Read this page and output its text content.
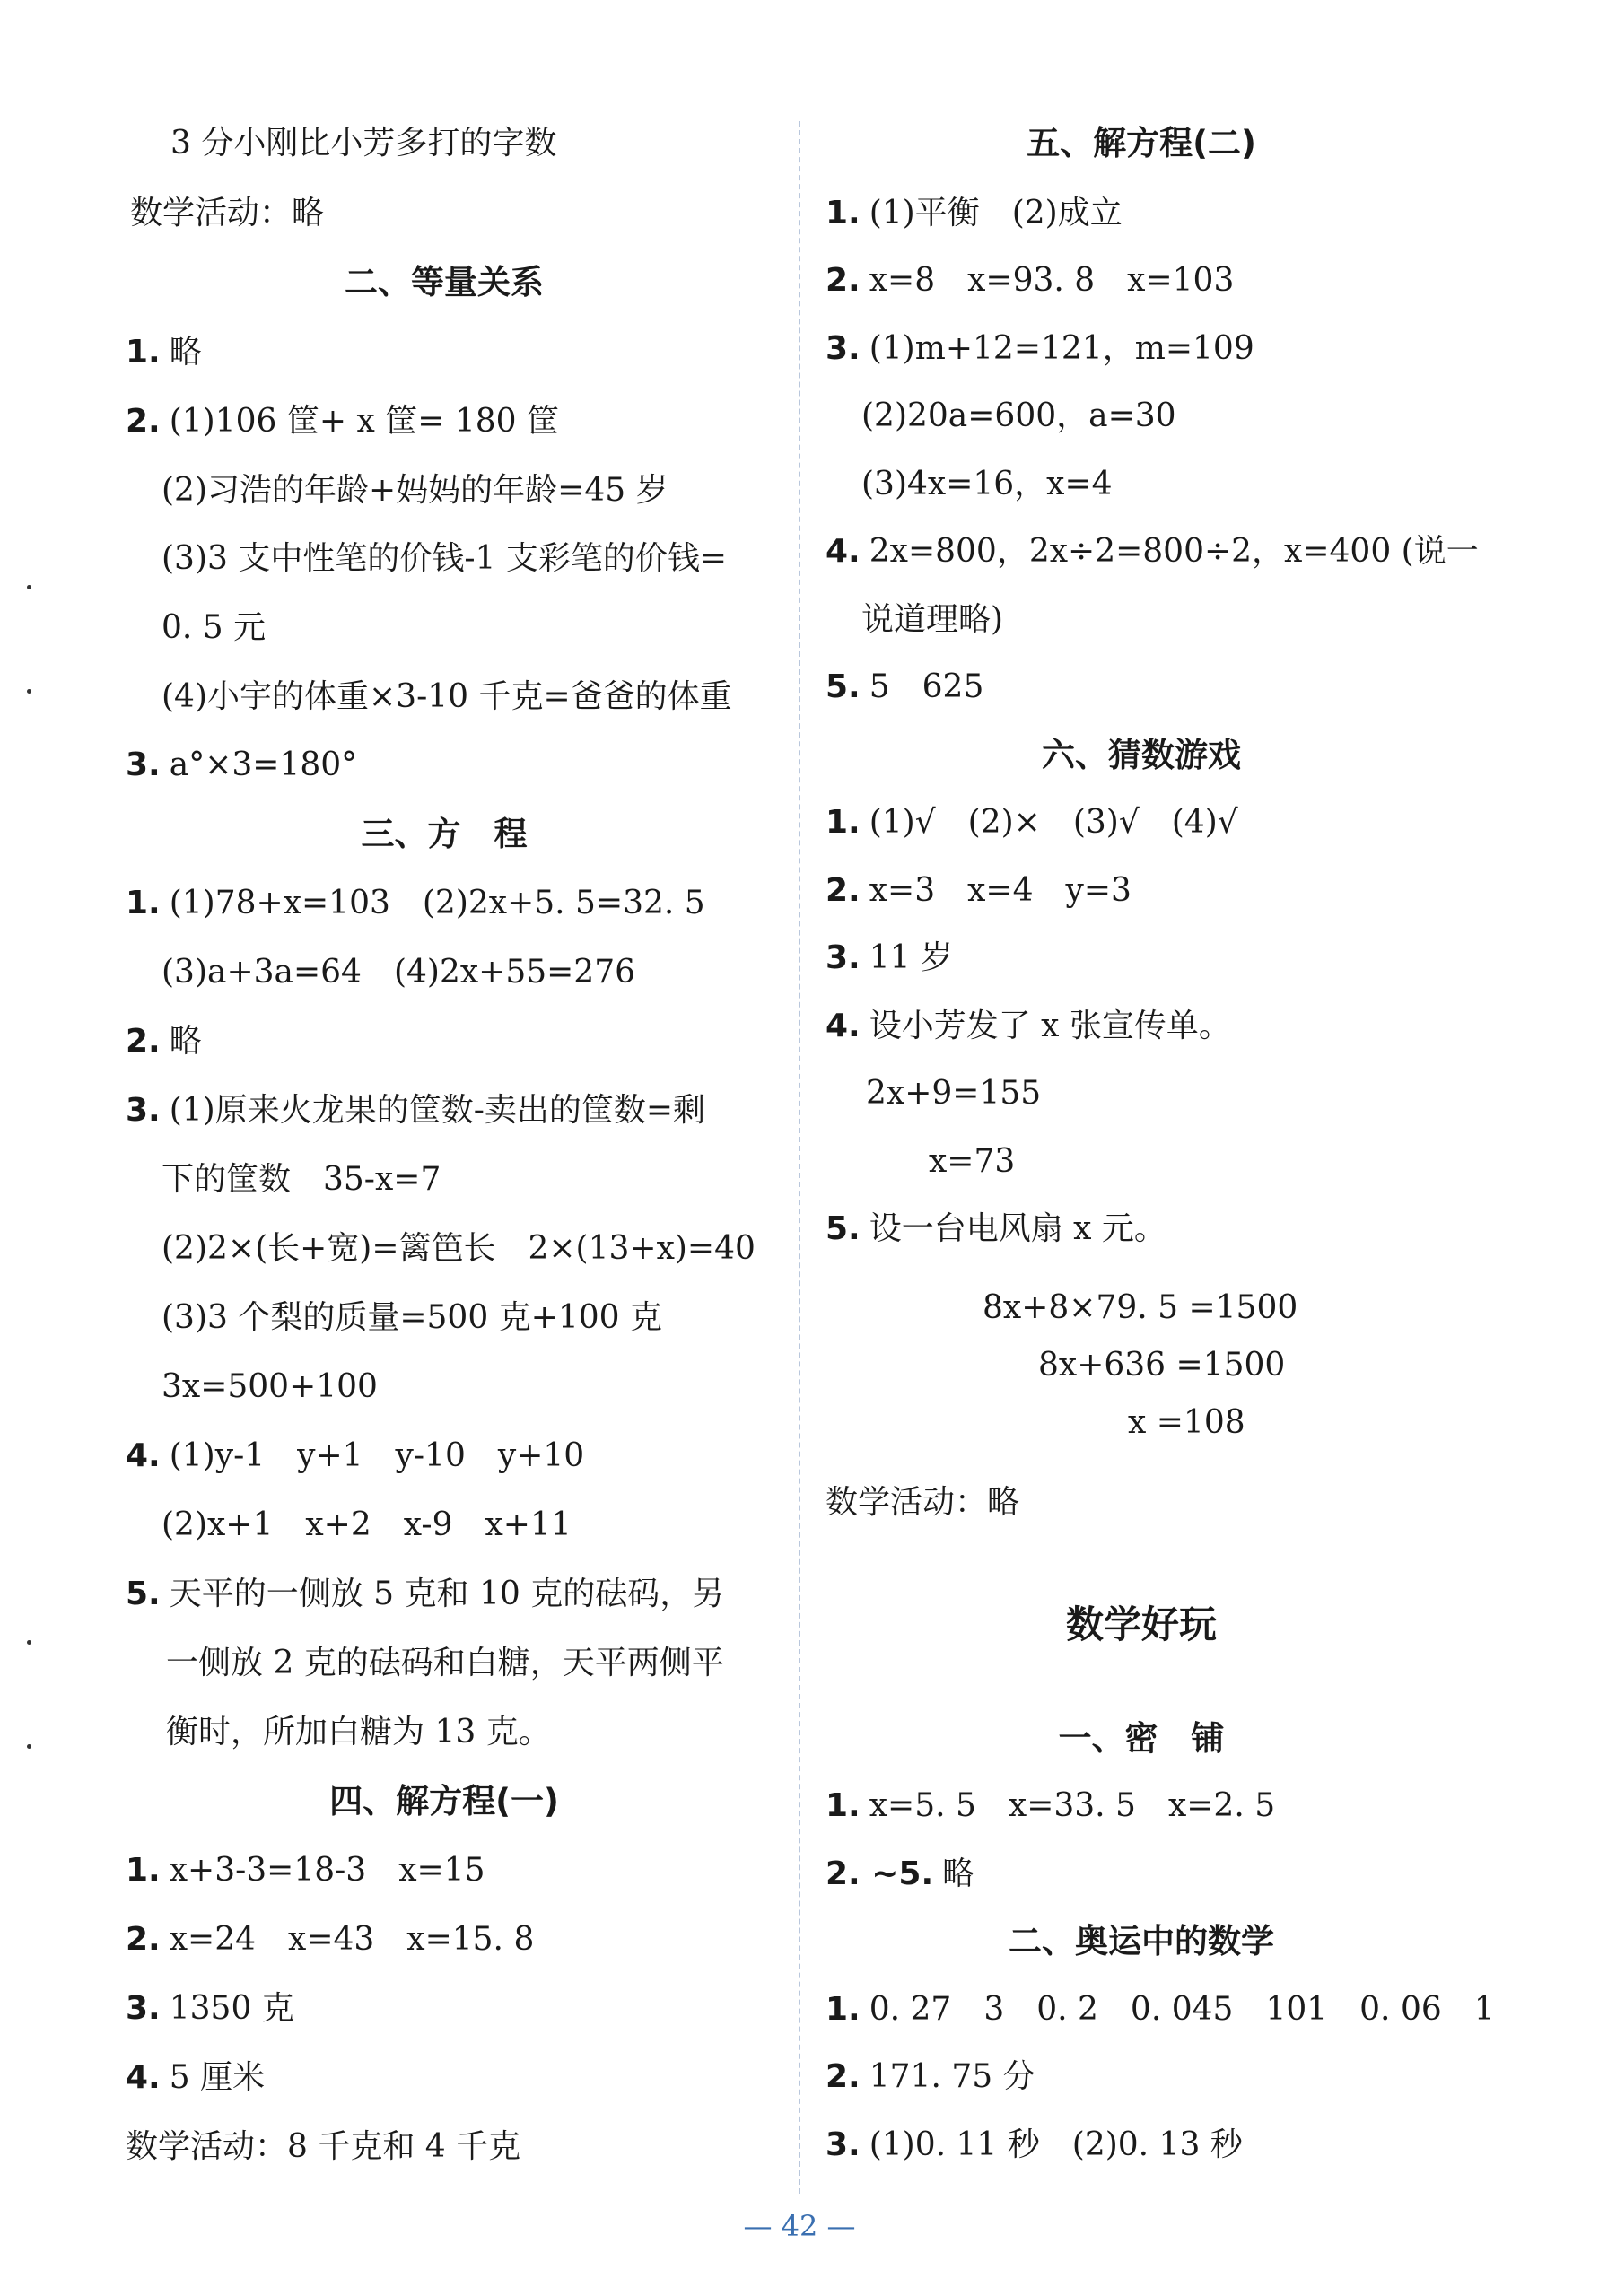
3 分小刚比小芳多打的字数
数学活动：略
二、等量关系
1. 略
2. (1)106 筐+ x 筐= 180 筐
(2)习浩的年龄+妈妈的年龄=45 岁
(3)3 支中性笔的价钱-1 支彩笔的价钱=
0. 5 元
(4)小宇的体重×3-10 千克=爸爸的体重
3. a°×3=180°
三、方　程
1. (1)78+x=103　(2)2x+5. 5=32. 5
(3)a+3a=64　(4)2x+55=276
2. 略
3. (1)原来火龙果的筐数-卖出的筐数=剩
下的筐数　35-x=7
(2)2×(长+宽)=篱笆长　2×(13+x)=40
(3)3 个梨的质量=500 克+100 克
3x=500+100
4. (1)y-1　y+1　y-10　y+10
(2)x+1　x+2　x-9　x+11
5. 天平的一侧放 5 克和 10 克的砝码，另
一侧放 2 克的砝码和白糖，天平两侧平
衡时，所加白糖为 13 克。
四、解方程(一)
1. x+3-3=18-3　x=15
2. x=24　x=43　x=15. 8
3. 1350 克
4. 5 厘米
数学活动：8 千克和 4 千克
五、解方程(二)
1. (1)平衡　(2)成立
2. x=8　x=93. 8　x=103
3. (1)m+12=121，m=109
(2)20a=600，a=30
(3)4x=16，x=4
4. 2x=800，2x÷2=800÷2，x=400 (说一
说道理略)
5. 5　625
六、猜数游戏
1. (1)√　(2)×　(3)√　(4)√
2. x=3　x=4　y=3
3. 11 岁
4. 设小芳发了 x 张宣传单。
2x+9=155
x=73
5. 设一台电风扇 x 元。
8x+8×79. 5 =1500
8x+636 =1500
x =108
数学活动：略
数学好玩
一、密　铺
1. x=5. 5　x=33. 5　x=2. 5
2. ~5. 略
二、奥运中的数学
1. 0. 27　3　0. 2　0. 045　101　0. 06　1
2. 171. 75 分
3. (1)0. 11 秒　(2)0. 13 秒
— 42 —
